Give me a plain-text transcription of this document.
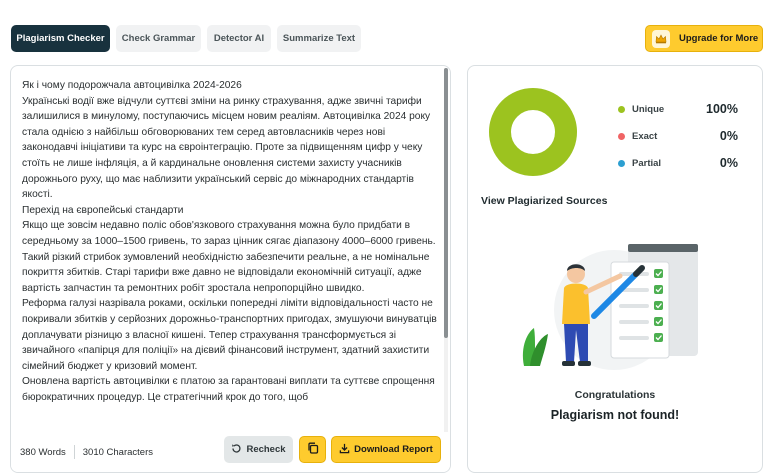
Plagiarism Checker	Check Grammar	Detector AI	Summarize Text	Upgrade for More

Як і чому подорожчала автоцивілка 2024-2026

Українські водії вже відчули суттєві зміни на ринку страхування, адже звичні тарифи залишилися в минулому, поступаючись місцем новим реаліям. Автоцивілка 2024 року стала однією з найбільш обговорюваних тем серед автовласників через нові законодавчі ініціативи та курс на євроінтеграцію. Проте за підвищенням цифр у чеку стоїть не лише інфляція, а й кардинальне оновлення системи захисту учасників дорожнього руху, що має наблизити український сервіс до міжнародних стандартів якості.

Перехід на європейські стандарти

Якщо ще зовсім недавно поліс обов'язкового страхування можна було придбати в середньому за 1000–1500 гривень, то зараз цінник сягає діапазону 4000–6000 гривень. Такий різкий стрибок зумовлений необхідністю забезпечити реальне, а не номінальне покриття збитків. Старі тарифи вже давно не відповідали економічній ситуації, адже вартість запчастин та ремонтних робіт зростала непропорційно швидко.

Реформа галузі назрівала роками, оскільки попередні ліміти відповідальності часто не покривали збитків у серйозних дорожньо-транспортних пригодах, змушуючи винуватців доплачувати різницю з власної кишені. Тепер страхування трансформується зі звичайного «папірця для поліції» на дієвий фінансовий інструмент, здатний захистити сімейний бюджет у кризовий момент.

Оновлена вартість автоцивілки є платою за гарантовані виплати та суттєве спрощення бюрократичних процедур. Це стратегічний крок до того, щоб

380 Words 3010 Characters	Recheck	Download Report
Unique	100%
Exact	0%
Partial	0%
View Plagiarized Sources
Congratulations
Plagiarism not found!
